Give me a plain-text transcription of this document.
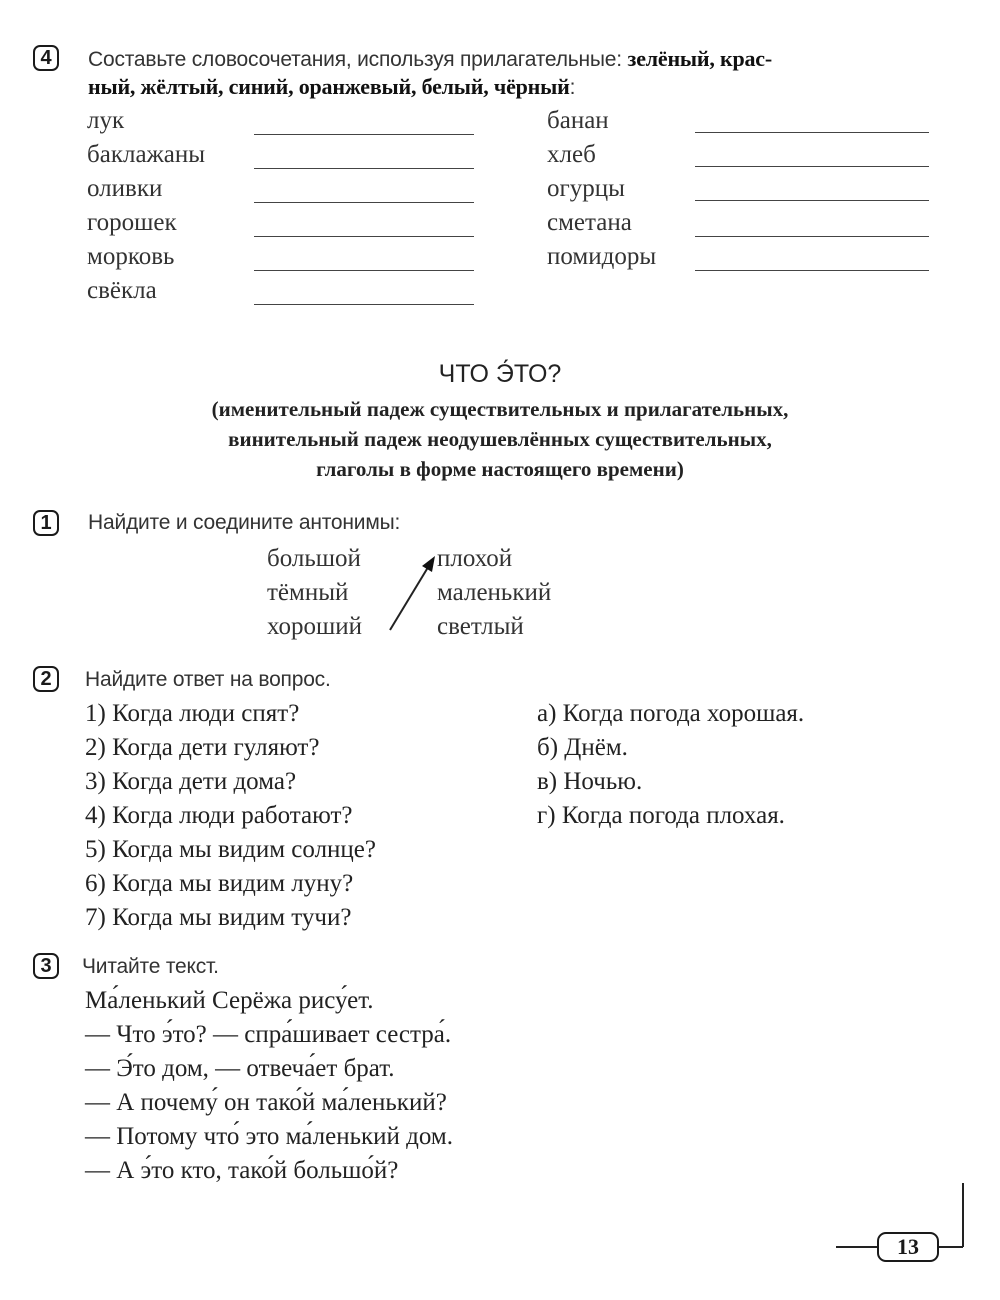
4 Составьте словосочетания, используя прилагательные: зелёный, крас-
ный, жёлтый, синий, оранжевый, белый, чёрный:
лук
баклажаны
оливки
горошек
морковь
свёкла
банан
хлеб
огурцы
сметана
помидоры
ЧТО Э́ТО?
(именительный падеж существительных и прилагательных,
винительный падеж неодушевлённых существительных,
глаголы в форме настоящего времени)
1 Найдите и соедините антонимы:
большой
тёмный
хороший
плохой
маленький
светлый
2 Найдите ответ на вопрос.
1) Когда люди спят?
2) Когда дети гуляют?
3) Когда дети дома?
4) Когда люди работают?
5) Когда мы видим солнце?
6) Когда мы видим луну?
7) Когда мы видим тучи?
а) Когда погода хорошая.
б) Днём.
в) Ночью.
г) Когда погода плохая.
3 Читайте текст.
Ма́ленький Серёжа рису́ет.
— Что э́то? — спра́шивает сестра́.
— Э́то дом, — отвеча́ет брат.
— А почему́ он тако́й ма́ленький?
— Потому что́ это ма́ленький дом.
— А э́то кто, тако́й большо́й?
13
